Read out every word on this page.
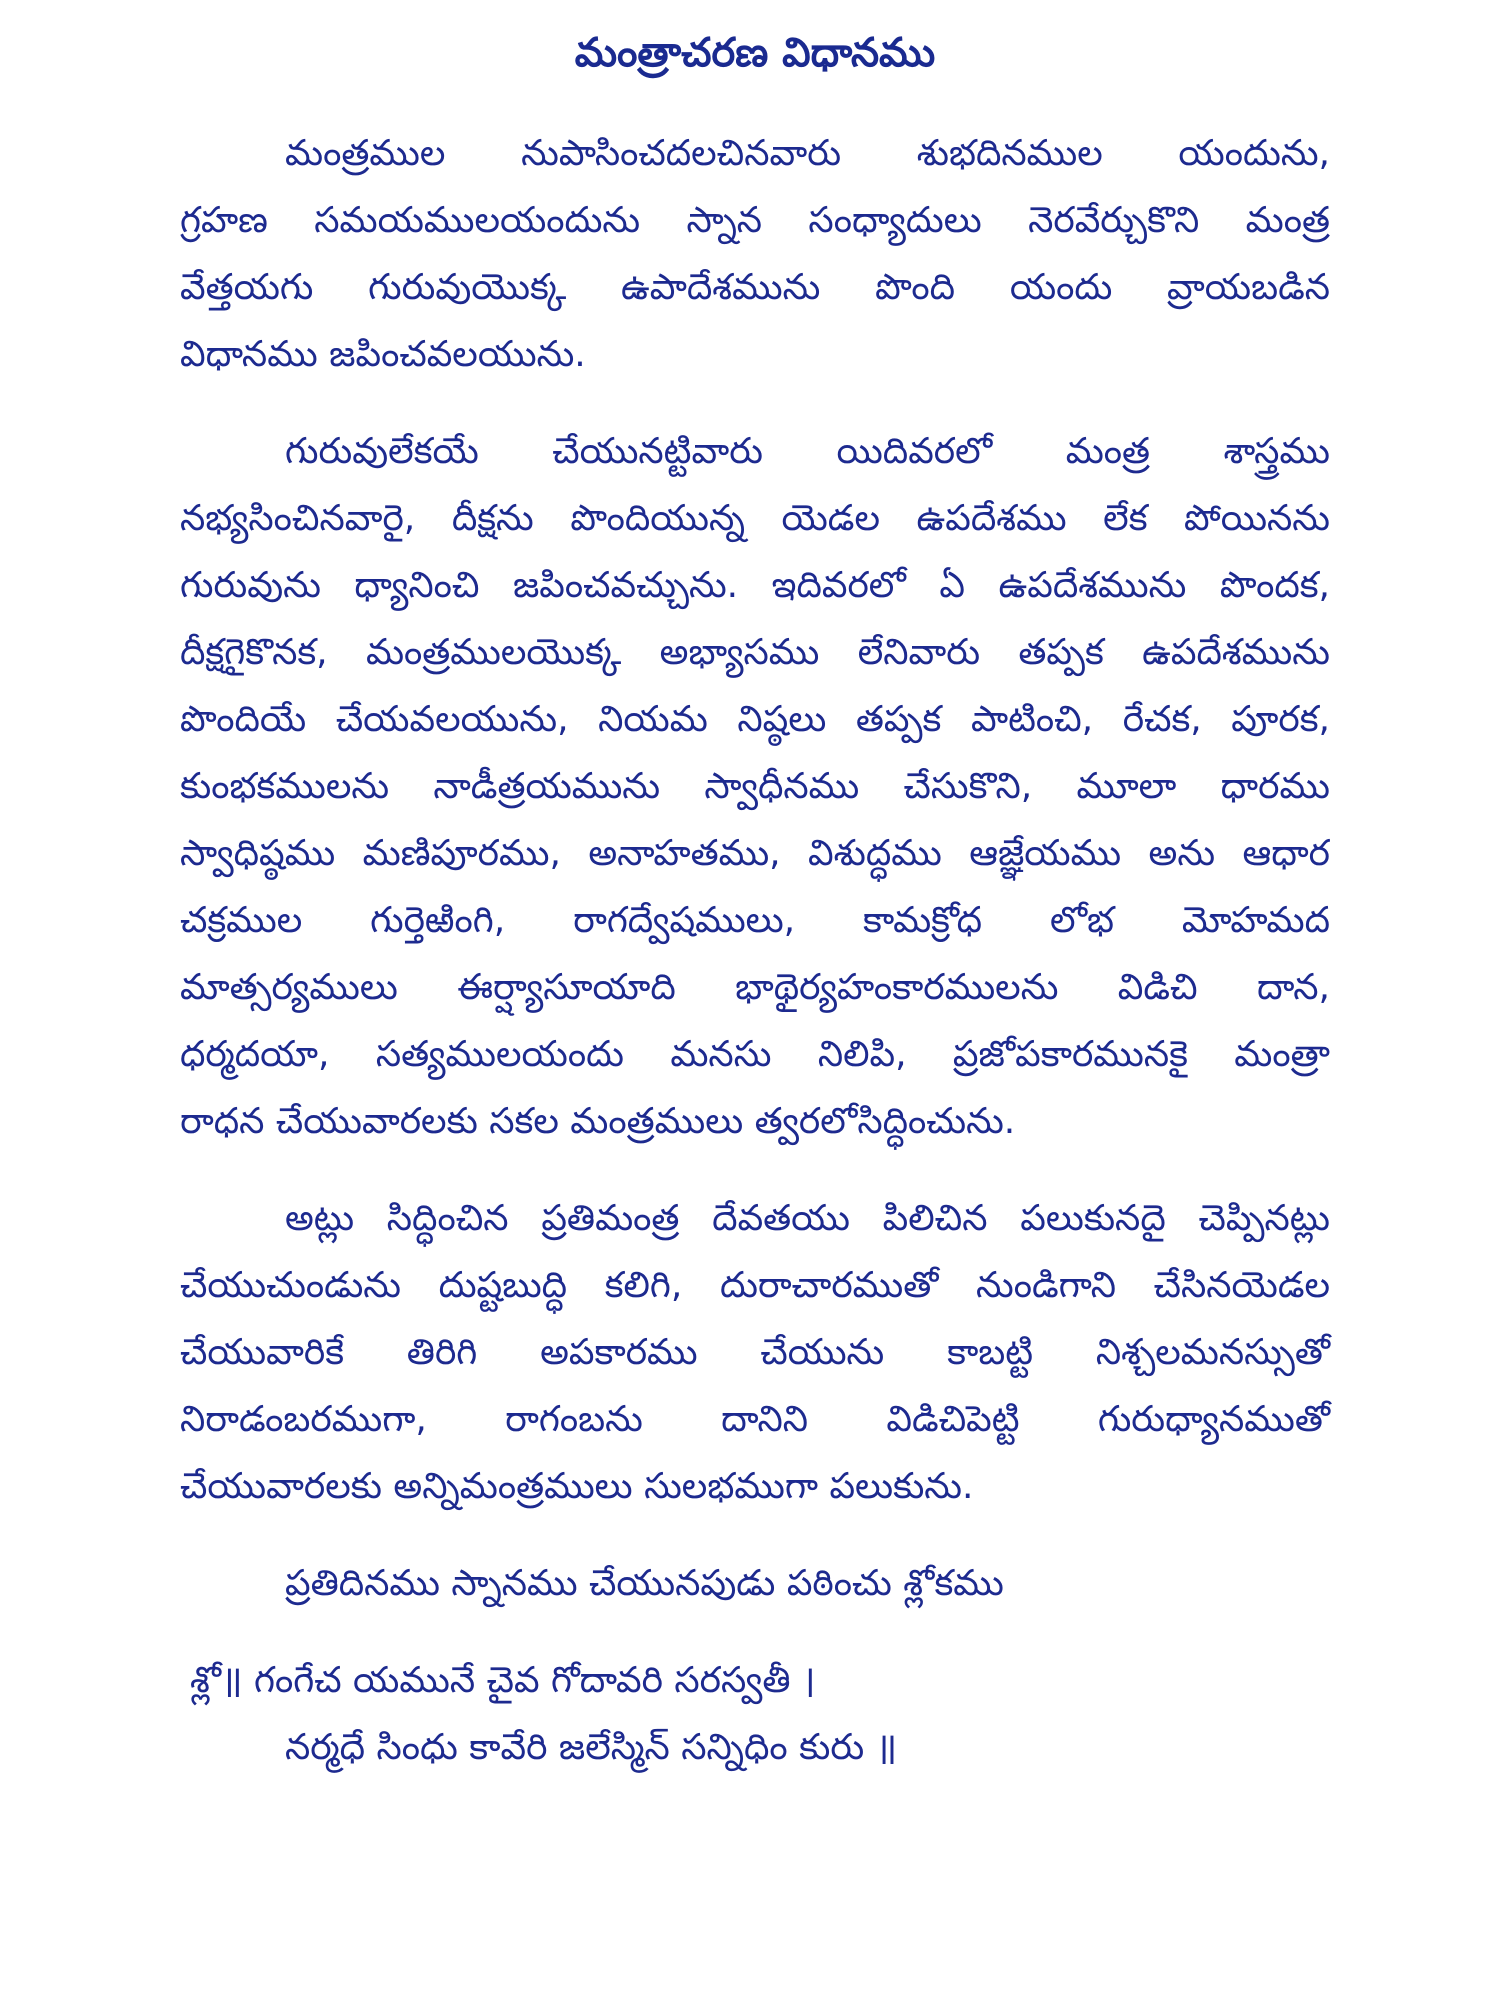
మంత్రాచరణ విధానము
మంత్రముల నుపాసించదలచినవారు శుభదినముల యందును,
గ్రహణ సమయములయందును స్నాన సంధ్యాదులు నెరవేర్చుకొని మంత్ర
వేత్తయగు గురువుయొక్క ఉపాదేశమును పొంది యందు వ్రాయబడిన
విధానము జపించవలయును.
గురువులేకయే చేయునట్టివారు యిదివరలో మంత్ర శాస్త్రము
నభ్యసించినవారై, దీక్షను పొందియున్న యెడల ఉపదేశము లేక పోయినను
గురువును ధ్యానించి జపించవచ్చును. ఇదివరలో ఏ ఉపదేశమును పొందక,
దీక్షగైకొనక, మంత్రములయొక్క అభ్యాసము లేనివారు తప్పక ఉపదేశమును
పొందియే చేయవలయును, నియమ నిష్ఠలు తప్పక పాటించి, రేచక, పూరక,
కుంభకములను నాడీత్రయమును స్వాధీనము చేసుకొని, మూలా ధారము
స్వాధిష్ఠము మణిపూరము, అనాహతము, విశుద్ధము ఆజ్ఞేయము అను ఆధార
చక్రముల గుర్తెఱింగి, రాగద్వేషములు, కామక్రోధ లోభ మోహమద
మాత్సర్యములు ఈర్ష్యాసూయాది భాథైర్యహంకారములను విడిచి దాన,
ధర్మదయా, సత్యములయందు మనసు నిలిపి, ప్రజోపకారమునకై మంత్రా
రాధన చేయువారలకు సకల మంత్రములు త్వరలోసిద్ధించును.
అట్లు సిద్ధించిన ప్రతిమంత్ర దేవతయు పిలిచిన పలుకునదై చెప్పినట్లు
చేయుచుండును దుష్టబుద్ధి కలిగి, దురాచారముతో నుండిగాని చేసినయెడల
చేయువారికే తిరిగి అపకారము చేయును కాబట్టి నిశ్చలమనస్సుతో
నిరాడంబరముగా, రాగంబను దానిని విడిచిపెట్టి గురుధ్యానముతో
చేయువారలకు అన్నిమంత్రములు సులభముగా పలుకును.
ప్రతిదినము స్నానము చేయునపుడు పఠించు శ్లోకము
శ్లో॥ గంగేచ యమునే చైవ గోదావరి సరస్వతీ ।
నర్మధే సింధు కావేరి జలేస్మిన్ సన్నిధిం కురు ॥
